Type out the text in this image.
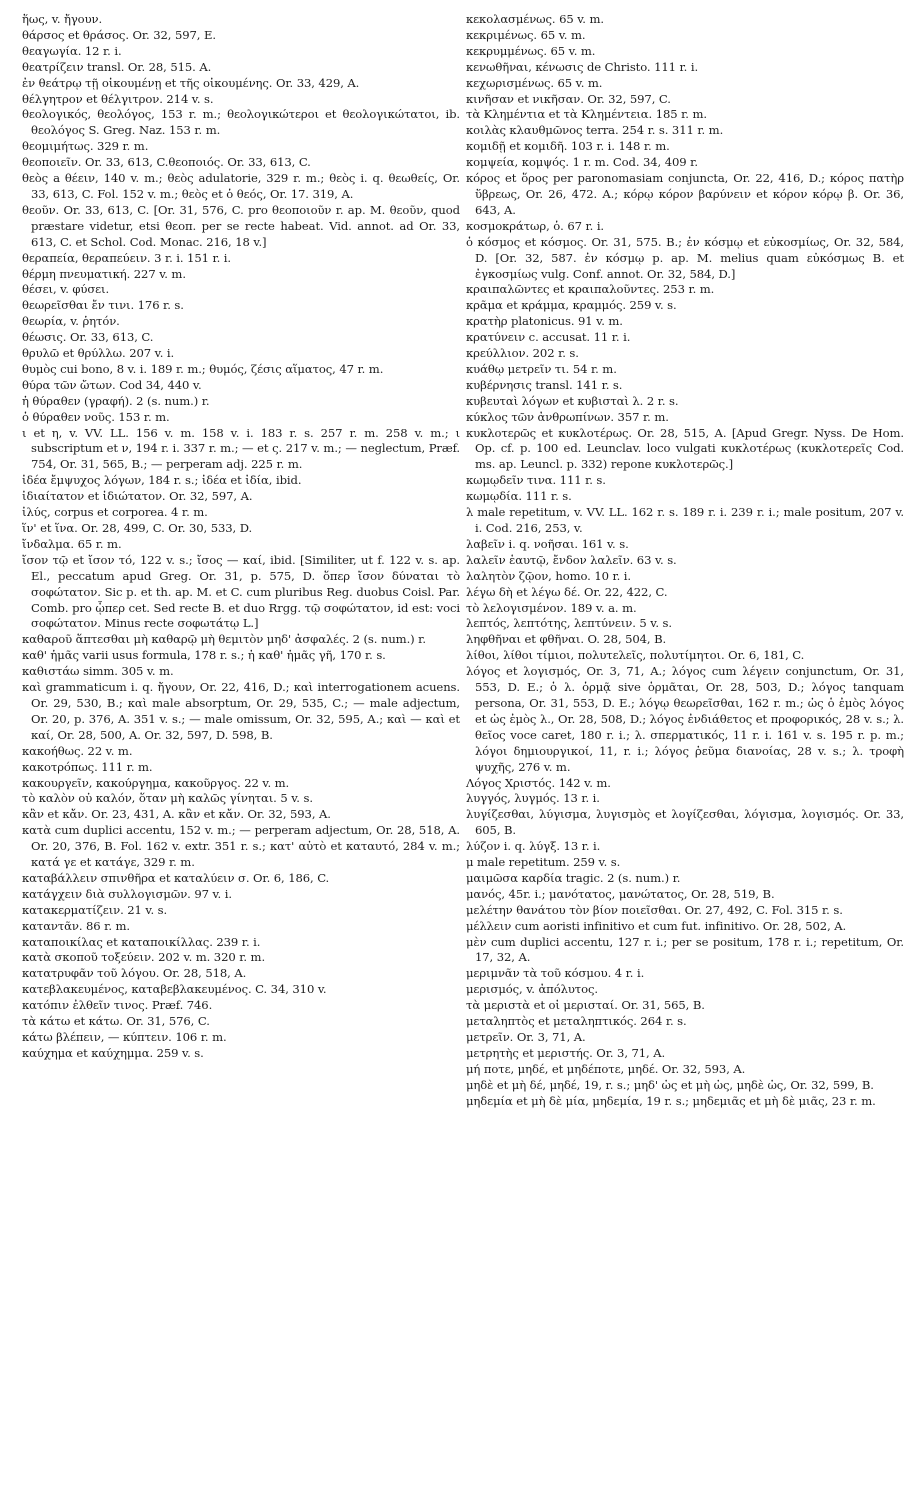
ἥως, v. ἤγουν.

θάρσος et θράσος. Or. 32, 597, E.

θεαγωγία. 12 r. i.

θεατρίζειν transl. Or. 28, 515. A.

ἐν θεάτρῳ τῇ οἰκουμένῃ et τῆς οἰκουμένης. Or. 33, 429, A.

θέλγητρον et θέλγιτρον. 214 v. s.

θεολογικός, θεολόγος, 153 r. m.; θεολογικώτεροι et θεολογικώτατοι, ib. θεολόγος S. Greg. Naz. 153 r. m.

θεομιμήτως. 329 r. m.

θεοποιεῖν. Or. 33, 613, C.θεοποιός. Or. 33, 613, C.

θεὸς a θέειν, 140 v. m.; θεὸς adulatorie, 329 r. m.; θεὸς i. q. θεωθείς, Or. 33, 613, C. Fol. 152 v. m.; θεὸς et ὁ θεός, Or. 17. 319, A.

θεοῦν. Or. 33, 613, C. [Or. 31, 576, C. pro θεοποιοῦν r. ap. M. θεοῦν, quod præstare videtur, etsi θεοπ. per se recte habeat. Vid. annot. ad Or. 33, 613, C. et Schol. Cod. Monac. 216, 18 v.]

θεραπεία, θεραπεύειν. 3 r. i. 151 r. i.

θέρμη πνευματική. 227 v. m.

θέσει, v. φύσει.

θεωρεῖσθαι ἔν τινι. 176 r. s.

θεωρία, v. ῥητόν.

θέωσις. Or. 33, 613, C.

θρυλῶ et θρύλλω. 207 v. i.

θυμὸς cui bono, 8 v. i. 189 r. m.; θυμός, ζέσις αἵματος, 47 r. m.

θύρα τῶν ὤτων. Cod 34, 440 v.

ἡ θύραθεν (γραφή). 2 (s. num.) r.

ὁ θύραθεν νοῦς. 153 r. m.

ι et η, v. VV. LL. 156 v. m. 158 v. i. 183 r. s. 257 r. m. 258 v. m.; ι subscriptum et ν, 194 r. i. 337 r. m.; — et ς. 217 v. m.; — neglectum, Præf. 754, Or. 31, 565, B.; — perperam adj. 225 r. m.

ἰδέα ἔμψυχος λόγων, 184 r. s.; ἰδέα et ἰδία, ibid.

ἰδιαίτατον et ἰδιώτατον. Or. 32, 597, A.

ἰλύς, corpus et corporea. 4 r. m.

ἵν' et ἵνα. Or. 28, 499, C. Or. 30, 533, D.

ἴνδαλμα. 65 r. m.

ἴσον τῷ et ἴσον τό, 122 v. s.; ἴσος — καί, ibid. [Similiter, ut f. 122 v. s. ap. El., peccatum apud Greg. Or. 31, p. 575, D. ὅπερ ἴσον δύναται τὸ σοφώτατον. Sic p. et th. ap. M. et C. cum pluribus Reg. duobus Coisl. Par. Comb. pro ᾧπερ cet. Sed recte B. et duo Rrgg. τῷ σοφώτατον, id est: voci σοφώτατον. Minus recte σοφωτάτῳ L.]

καθαροῦ ἅπτεσθαι μὴ καθαρῷ μὴ θεμιτὸν μηδ' ἀσφαλές. 2 (s. num.) r.

καθ' ἡμᾶς varii usus formula, 178 r. s.; ἡ καθ' ἡμᾶς γῆ, 170 r. s.

καθιστάω simm. 305 v. m.

καὶ grammaticum i. q. ἤγουν, Or. 22, 416, D.; καὶ interrogationem acuens. Or. 29, 530, B.; καὶ male absorptum, Or. 29, 535, C.; — male adjectum, Or. 20, p. 376, A. 351 v. s.; — male omissum, Or. 32, 595, A.; καὶ — καὶ et καί, Or. 28, 500, A. Or. 32, 597, D. 598, B.

κακοήθως. 22 v. m.

κακοτρόπως. 111 r. m.

κακουργεῖν, κακούργημα, κακοῦργος. 22 v. m.

τὸ καλὸν οὐ καλόν, ὅταν μὴ καλῶς γίνηται. 5 v. s.

κἂν et κἄν. Or. 23, 431, A. κἂν et κἄν. Or. 32, 593, A.

κατὰ cum duplici accentu, 152 v. m.; — perperam adjectum, Or. 28, 518, A. Or. 20, 376, B. Fol. 162 v. extr. 351 r. s.; κατ' αὐτὸ et καταυτό, 284 v. m.; κατά γε et κατάγε, 329 r. m.

καταβάλλειν σπινθῆρα et καταλύειν σ. Or. 6, 186, C.

κατάγχειν διὰ συλλογισμῶν. 97 v. i.

κατακερματίζειν. 21 v. s.

καταντᾶν. 86 r. m.

καταποικίλας et καταποικίλλας. 239 r. i.

κατὰ σκοποῦ τοξεύειν. 202 v. m. 320 r. m.

κατατρυφᾶν τοῦ λόγου. Or. 28, 518, A.

κατεβλακευμένος, καταβεβλακευμένος. C. 34, 310 v.

κατόπιν ἐλθεῖν τινος. Præf. 746.

τὰ κάτω et κάτω. Or. 31, 576, C.

κάτω βλέπειν, — κύπτειν. 106 r. m.

καύχημα et καύχημμα. 259 v. s.

κεκολασμένως. 65 v. m.

κεκριμένως. 65 v. m.

κεκρυμμένως. 65 v. m.

κενωθῆναι, κένωσις de Christo. 111 r. i.

κεχωρισμένως. 65 v. m.

κινῆσαν et νικῆσαν. Or. 32, 597, C.

τὰ Κλημέντια et τὰ Κλημέντεια. 185 r. m.

κοιλὰς κλαυθμῶνος terra. 254 r. s. 311 r. m.

κομιδῇ et κομιδῆ. 103 r. i. 148 r. m.

κομψεία, κομψός. 1 r. m. Cod. 34, 409 r.

κόρος et ὅρος per paronomasiam conjuncta, Or. 22, 416, D.; κόρος πατὴρ ὕβρεως, Or. 26, 472. A.; κόρῳ κόρον βαρύνειν et κόρον κόρῳ β. Or. 36, 643, A.

κοσμοκράτωρ, ὁ. 67 r. i.

ὁ κόσμος et κόσμος. Or. 31, 575. B.; ἐν κόσμῳ et εὐκοσμίως, Or. 32, 584, D. [Or. 32, 587. ἐν κόσμῳ p. ap. M. melius quam εὐκόσμως B. et ἐγκοσμίως vulg. Conf. annot. Or. 32, 584, D.]

κραιπαλῶντες et κραιπαλοῦντες. 253 r. m.

κρᾶμα et κράμμα, κραμμός. 259 v. s.

κρατὴρ platonicus. 91 v. m.

κρατύνειν c. accusat. 11 r. i.

κρεύλλιον. 202 r. s.

κυάθῳ μετρεῖν τι. 54 r. m.

κυβέρνησις transl. 141 r. s.

κυβευταὶ λόγων et κυβισταὶ λ. 2 r. s.

κύκλος τῶν ἀνθρωπίνων. 357 r. m.

κυκλοτερῶς et κυκλοτέρως. Or. 28, 515, A. [Apud Gregr. Nyss. De Hom. Op. cf. p. 100 ed. Leunclav. loco vulgati κυκλοτέρως (κυκλοτερεῖς Cod. ms. ap. Leuncl. p. 332) repone κυκλοτερῶς.]

κωμῳδεῖν τινα. 111 r. s.

κωμῳδία. 111 r. s.

λ male repetitum, v. VV. LL. 162 r. s. 189 r. i. 239 r. i.; male positum, 207 v. i. Cod. 216, 253, v.

λαβεῖν i. q. νοῆσαι. 161 v. s.

λαλεῖν ἑαυτῷ, ἔνδον λαλεῖν. 63 v. s.

λαλητὸν ζῷον, homo. 10 r. i.

λέγω δὴ et λέγω δέ. Or. 22, 422, C.

τὸ λελογισμένον. 189 v. a. m.

λεπτός, λεπτότης, λεπτύνειν. 5 v. s.

ληφθῆναι et φθῆναι. O. 28, 504, B.

λίθοι, λίθοι τίμιοι, πολυτελεῖς, πολυτίμητοι. Or. 6, 181, C.

λόγος et λογισμός, Or. 3, 71, A.; λόγος cum λέγειν conjunctum, Or. 31, 553, D. E.; ὁ λ. ὁρμᾷ sive ὁρμᾶται, Or. 28, 503, D.; λόγος tanquam persona, Or. 31, 553, D. E.; λόγῳ θεωρεῖσθαι, 162 r. m.; ὡς ὁ ἐμὸς λόγος et ὡς ἐμὸς λ., Or. 28, 508, D.; λόγος ἐνδιάθετος et προφορικός, 28 v. s.; λ. θεῖος voce caret, 180 r. i.; λ. σπερματικός, 11 r. i. 161 v. s. 195 r. p. m.; λόγοι δημιουργικοί, 11, r. i.; λόγος ῥεῦμα διανοίας, 28 v. s.; λ. τροφὴ ψυχῆς, 276 v. m.

Λόγος Χριστός. 142 v. m.

λυγγός, λυγμός. 13 r. i.

λυγίζεσθαι, λύγισμα, λυγισμὸς et λογίζεσθαι, λόγισμα, λογισμός. Or. 33, 605, B.

λύζον i. q. λύγξ. 13 r. i.

μ male repetitum. 259 v. s.

μαιμῶσα καρδία tragic. 2 (s. num.) r.

μανός, 45r. i.; μανότατος, μανώτατος, Or. 28, 519, B.

μελέτην θανάτου τὸν βίον ποιεῖσθαι. Or. 27, 492, C. Fol. 315 r. s.

μέλλειν cum aoristi infinitivo et cum fut. infinitivo. Or. 28, 502, A.

μὲν cum duplici accentu, 127 r. i.; per se positum, 178 r. i.; repetitum, Or. 17, 32, A.

μεριμνᾶν τὰ τοῦ κόσμου. 4 r. i.

μερισμός, v. ἀπόλυτος.

τὰ μεριστὰ et οἱ μερισταί. Or. 31, 565, B.

μεταληπτὸς et μεταληπτικός. 264 r. s.

μετρεῖν. Or. 3, 71, A.

μετρητὴς et μεριστής. Or. 3, 71, A.

μή ποτε, μηδέ, et μηδέποτε, μηδέ. Or. 32, 593, A.

μηδὲ et μὴ δέ, μηδέ, 19, r. s.; μηδ' ὡς et μὴ ὡς, μηδὲ ὡς, Or. 32, 599, B.

μηδεμία et μὴ δὲ μία, μηδεμία, 19 r. s.; μηδεμιᾶς et μὴ δὲ μιᾶς, 23 r. m.
